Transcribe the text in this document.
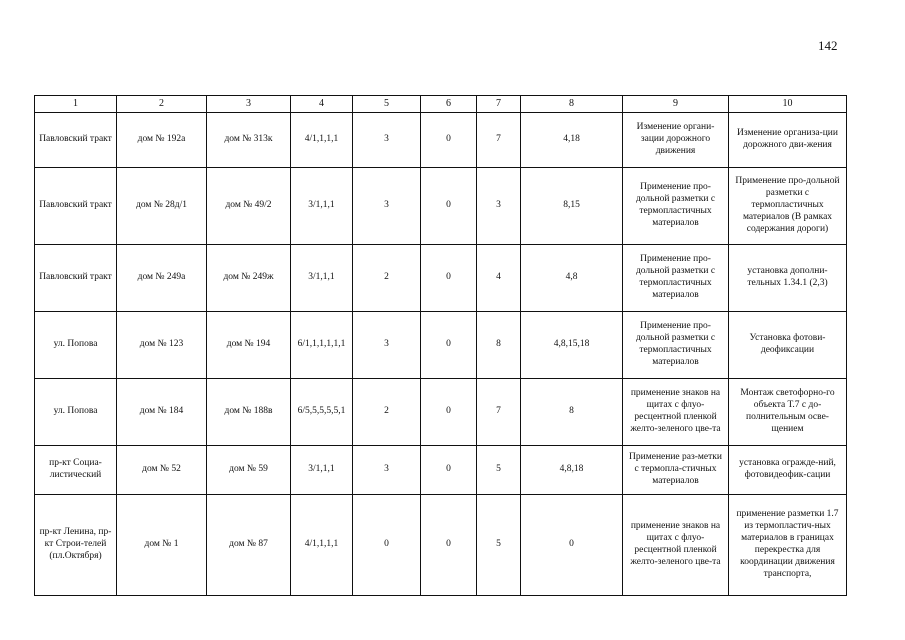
142
1	2	3	4	5	6	7	8	9	10
Павловский тракт	дом № 192а	дом № 313к	4/1,1,1,1	3	0	7	4,18	Изменение органи-зации дорожного движения	Изменение организа-ции дорожного дви-жения
Павловский тракт	дом № 28д/1	дом № 49/2	3/1,1,1	3	0	3	8,15	Применение про-дольной разметки с термопластичных материалов	Применение про-дольной разметки с термопластичных материалов (В рамках содержания дороги)
Павловский тракт	дом № 249а	дом № 249ж	3/1,1,1	2	0	4	4,8	Применение про-дольной разметки с термопластичных материалов	установка дополни-тельных 1.34.1 (2,3)
ул. Попова	дом № 123	дом № 194	6/1,1,1,1,1,1	3	0	8	4,8,15,18	Применение про-дольной разметки с термопластичных материалов	Установка фотови-деофиксации
ул. Попова	дом № 184	дом № 188в	6/5,5,5,5,5,1	2	0	7	8	применение знаков на щитах с флуо-ресцентной пленкой желто-зеленого цве-та	Монтаж светофорно-го объекта Т.7 с до-полнительным осве-щением
пр-кт Социа-листический	дом № 52	дом № 59	3/1,1,1	3	0	5	4,8,18	Применение раз-метки с термопла-стичных материалов	установка огражде-ний, фотовидеофик-сации
пр-кт Ленина, пр-кт Строи-телей (пл.Октября)	дом № 1	дом № 87	4/1,1,1,1	0	0	5	0	применение знаков на щитах с флуо-ресцентной пленкой желто-зеленого цве-та	применение разметки 1.7 из термопластич-ных материалов в границах перекрестка для координации движения транспорта,
